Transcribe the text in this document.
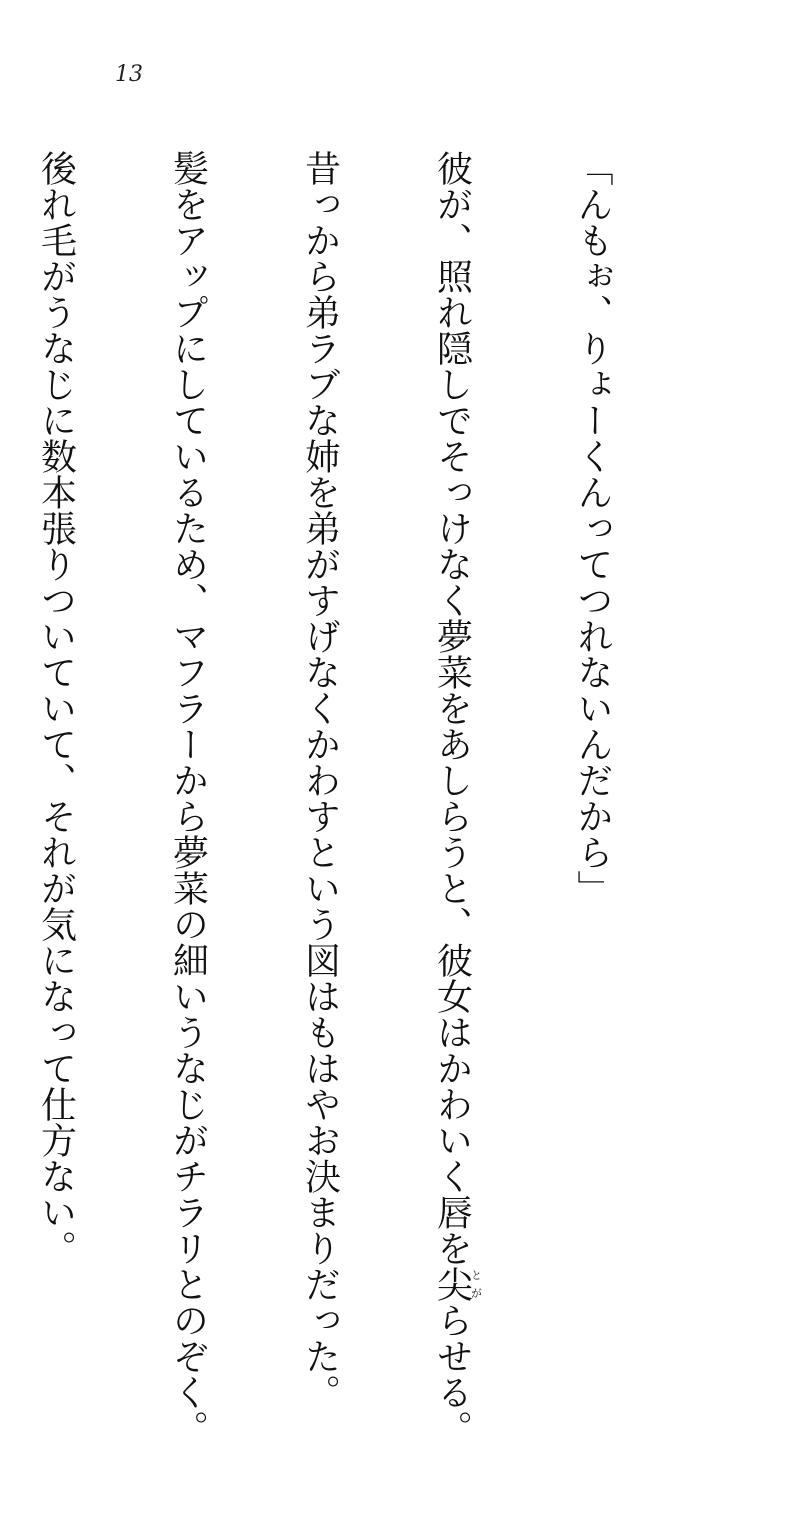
13

「んもぉ、りょーくんってつれないんだから」

彼が、照れ隠しでそっけなく夢菜をあしらうと、彼女はかわいく唇を尖とがらせる。

昔っから弟ラブな姉を弟がすげなくかわすという図はもはやお決まりだった。

髪をアップにしているため、マフラーから夢菜の細いうなじがチラリとのぞく。

後れ毛がうなじに数本張りついていて、それが気になって仕方ない。
